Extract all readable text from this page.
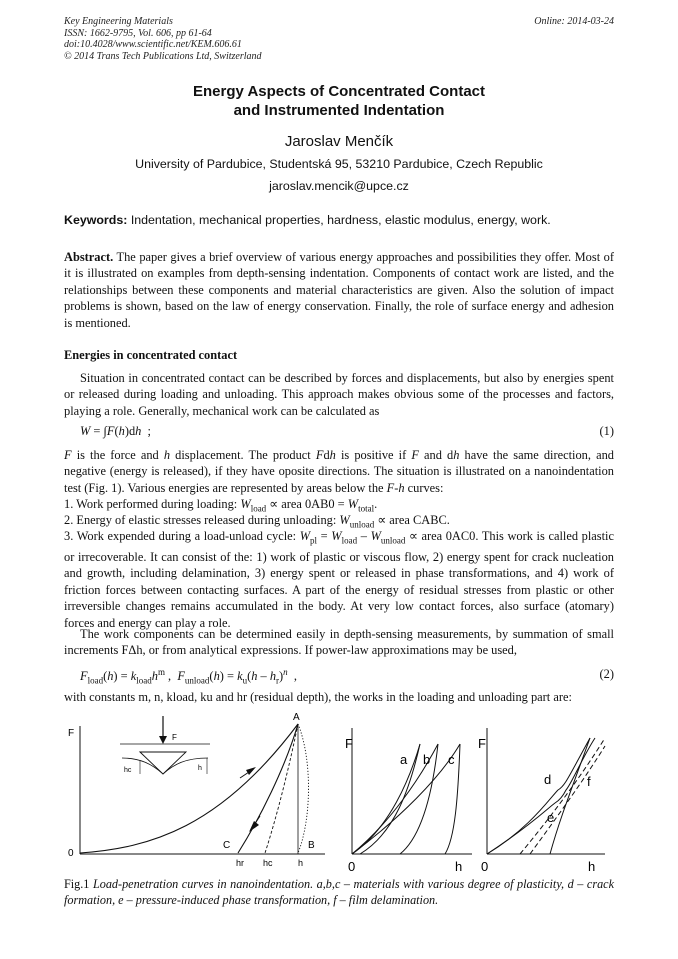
Key Engineering Materials
ISSN: 1662-9795, Vol. 606, pp 61-64
doi:10.4028/www.scientific.net/KEM.606.61
© 2014 Trans Tech Publications Ltd, Switzerland
Online: 2014-03-24
Energy Aspects of Concentrated Contact
and Instrumented Indentation
Jaroslav Menčík
University of Pardubice, Studentská 95, 53210 Pardubice, Czech Republic
jaroslav.mencik@upce.cz
Keywords: Indentation, mechanical properties, hardness, elastic modulus, energy, work.
Abstract. The paper gives a brief overview of various energy approaches and possibilities they offer. Most of it is illustrated on examples from depth-sensing indentation. Components of contact work are listed, and the relationships between these components and material characteristics are given. Also the solution of impact problems is shown, based on the law of energy conservation. Finally, the role of surface energy and adhesion is mentioned.
Energies in concentrated contact
Situation in concentrated contact can be described by forces and displacements, but also by energies spent or released during loading and unloading. This approach makes obvious some of the processes and factors, playing a role. Generally, mechanical work can be calculated as
W = ∫F(h)dh  ;	(1)
F is the force and h displacement. The product Fdh is positive if F and dh have the same direction, and negative (energy is released), if they have oposite directions. The situation is illustrated on a nanoindentation test (Fig. 1). Various energies are represented by areas below the F-h curves:
1. Work performed during loading: $W_{load}$ ∝ area $0AB0 = W_{total}$.
2. Energy of elastic stresses released during unloading: $W_{unload}$ ∝ area CABC.
3. Work expended during a load-unload cycle: $W_{pl} = W_{load} - W_{unload}$ ∝ area 0AC0. This work is called plastic or irrecoverable. It can consist of the: 1) work of plastic or viscous flow, 2) energy spent for crack nucleation and growth, including delamination, 3) energy spent or released in phase transformations, and 4) work of friction forces between contacting surfaces. A part of the energy of residual stresses from plastic or other irreversible changes remains accumulated in the body. At very low contact forces, also surface (atomary) forces and energy can play a role.
The work components can be determined easily in depth-sensing measurements, by summation of small increments FΔh, or from analytical expressions. If power-law approximations may be used,
$F_{load}(h) = k_{load}h^m$ ,  $F_{unload}(h) = k_u(h - h_r)^n$  ,	(2)
with constants m, n, kload, ku and hr (residual depth), the works in the loading and unloading part are:
F
A
B
C
0
hr hc	h
F
hc	h
F
a b c
0	h
F
d
e
f
0	h
Fig.1 Load-penetration curves in nanoindentation. a,b,c – materials with various degree of plasticity, d – crack formation, e – pressure-induced phase transformation, f – film delamination.
